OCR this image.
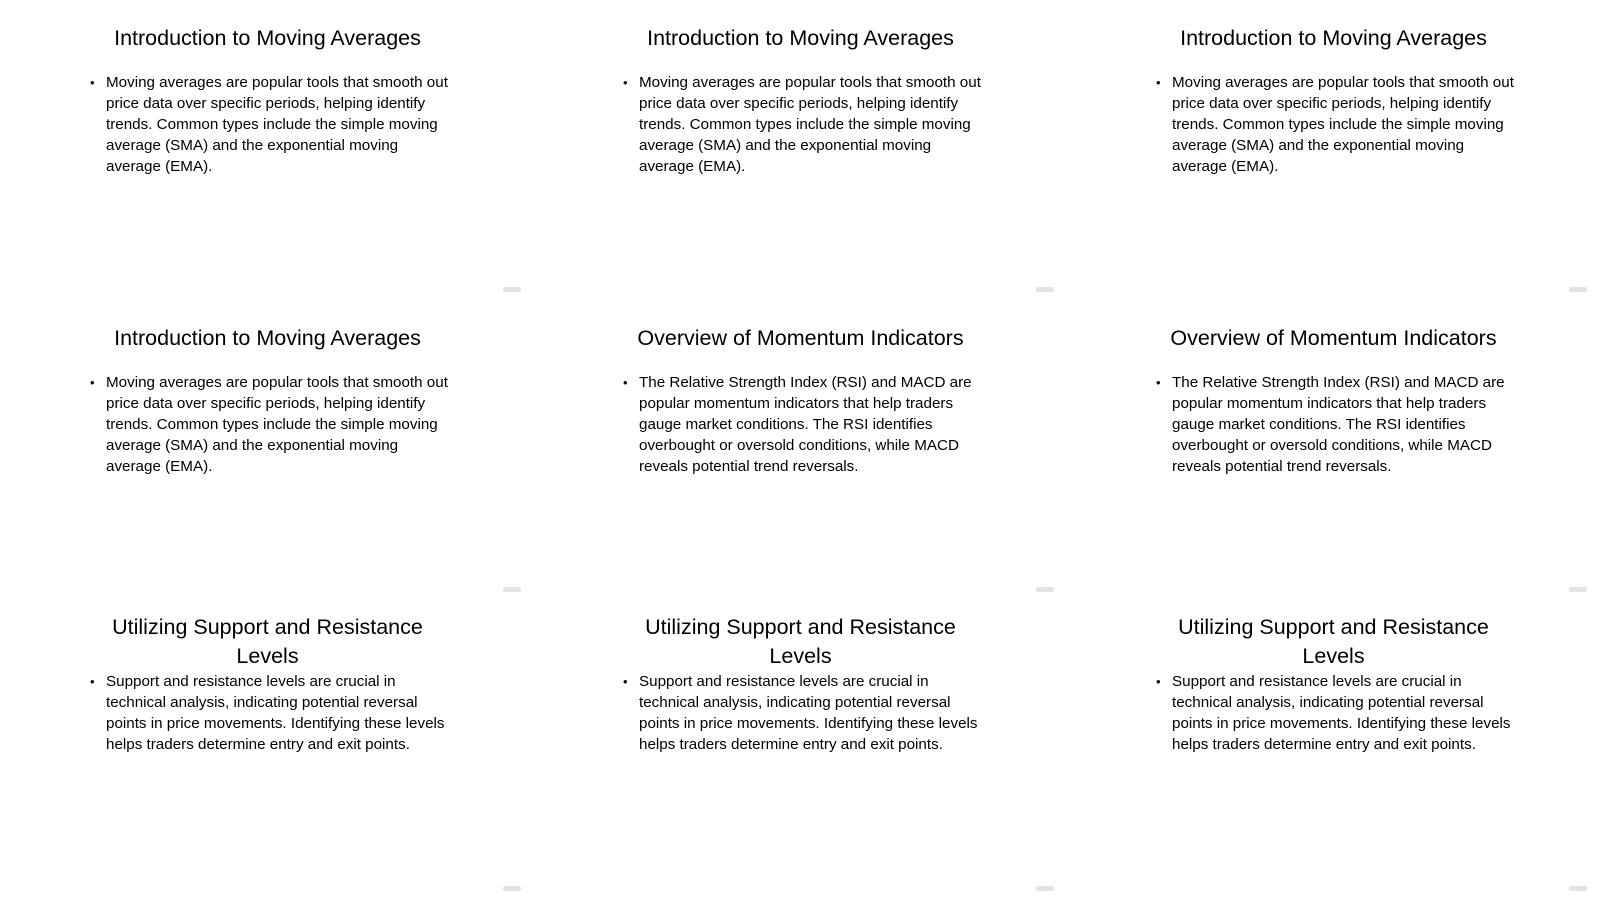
Introduction to Moving Averages
• Moving averages are popular tools that smooth out price data over specific periods, helping identify trends. Common types include the simple moving average (SMA) and the exponential moving average (EMA).
Introduction to Moving Averages
• Moving averages are popular tools that smooth out price data over specific periods, helping identify trends. Common types include the simple moving average (SMA) and the exponential moving average (EMA).
Introduction to Moving Averages
• Moving averages are popular tools that smooth out price data over specific periods, helping identify trends. Common types include the simple moving average (SMA) and the exponential moving average (EMA).
Introduction to Moving Averages
• Moving averages are popular tools that smooth out price data over specific periods, helping identify trends. Common types include the simple moving average (SMA) and the exponential moving average (EMA).
Overview of Momentum Indicators
• The Relative Strength Index (RSI) and MACD are popular momentum indicators that help traders gauge market conditions. The RSI identifies overbought or oversold conditions, while MACD reveals potential trend reversals.
Overview of Momentum Indicators
• The Relative Strength Index (RSI) and MACD are popular momentum indicators that help traders gauge market conditions. The RSI identifies overbought or oversold conditions, while MACD reveals potential trend reversals.
Utilizing Support and Resistance Levels
• Support and resistance levels are crucial in technical analysis, indicating potential reversal points in price movements. Identifying these levels helps traders determine entry and exit points.
Utilizing Support and Resistance Levels
• Support and resistance levels are crucial in technical analysis, indicating potential reversal points in price movements. Identifying these levels helps traders determine entry and exit points.
Utilizing Support and Resistance Levels
• Support and resistance levels are crucial in technical analysis, indicating potential reversal points in price movements. Identifying these levels helps traders determine entry and exit points.
